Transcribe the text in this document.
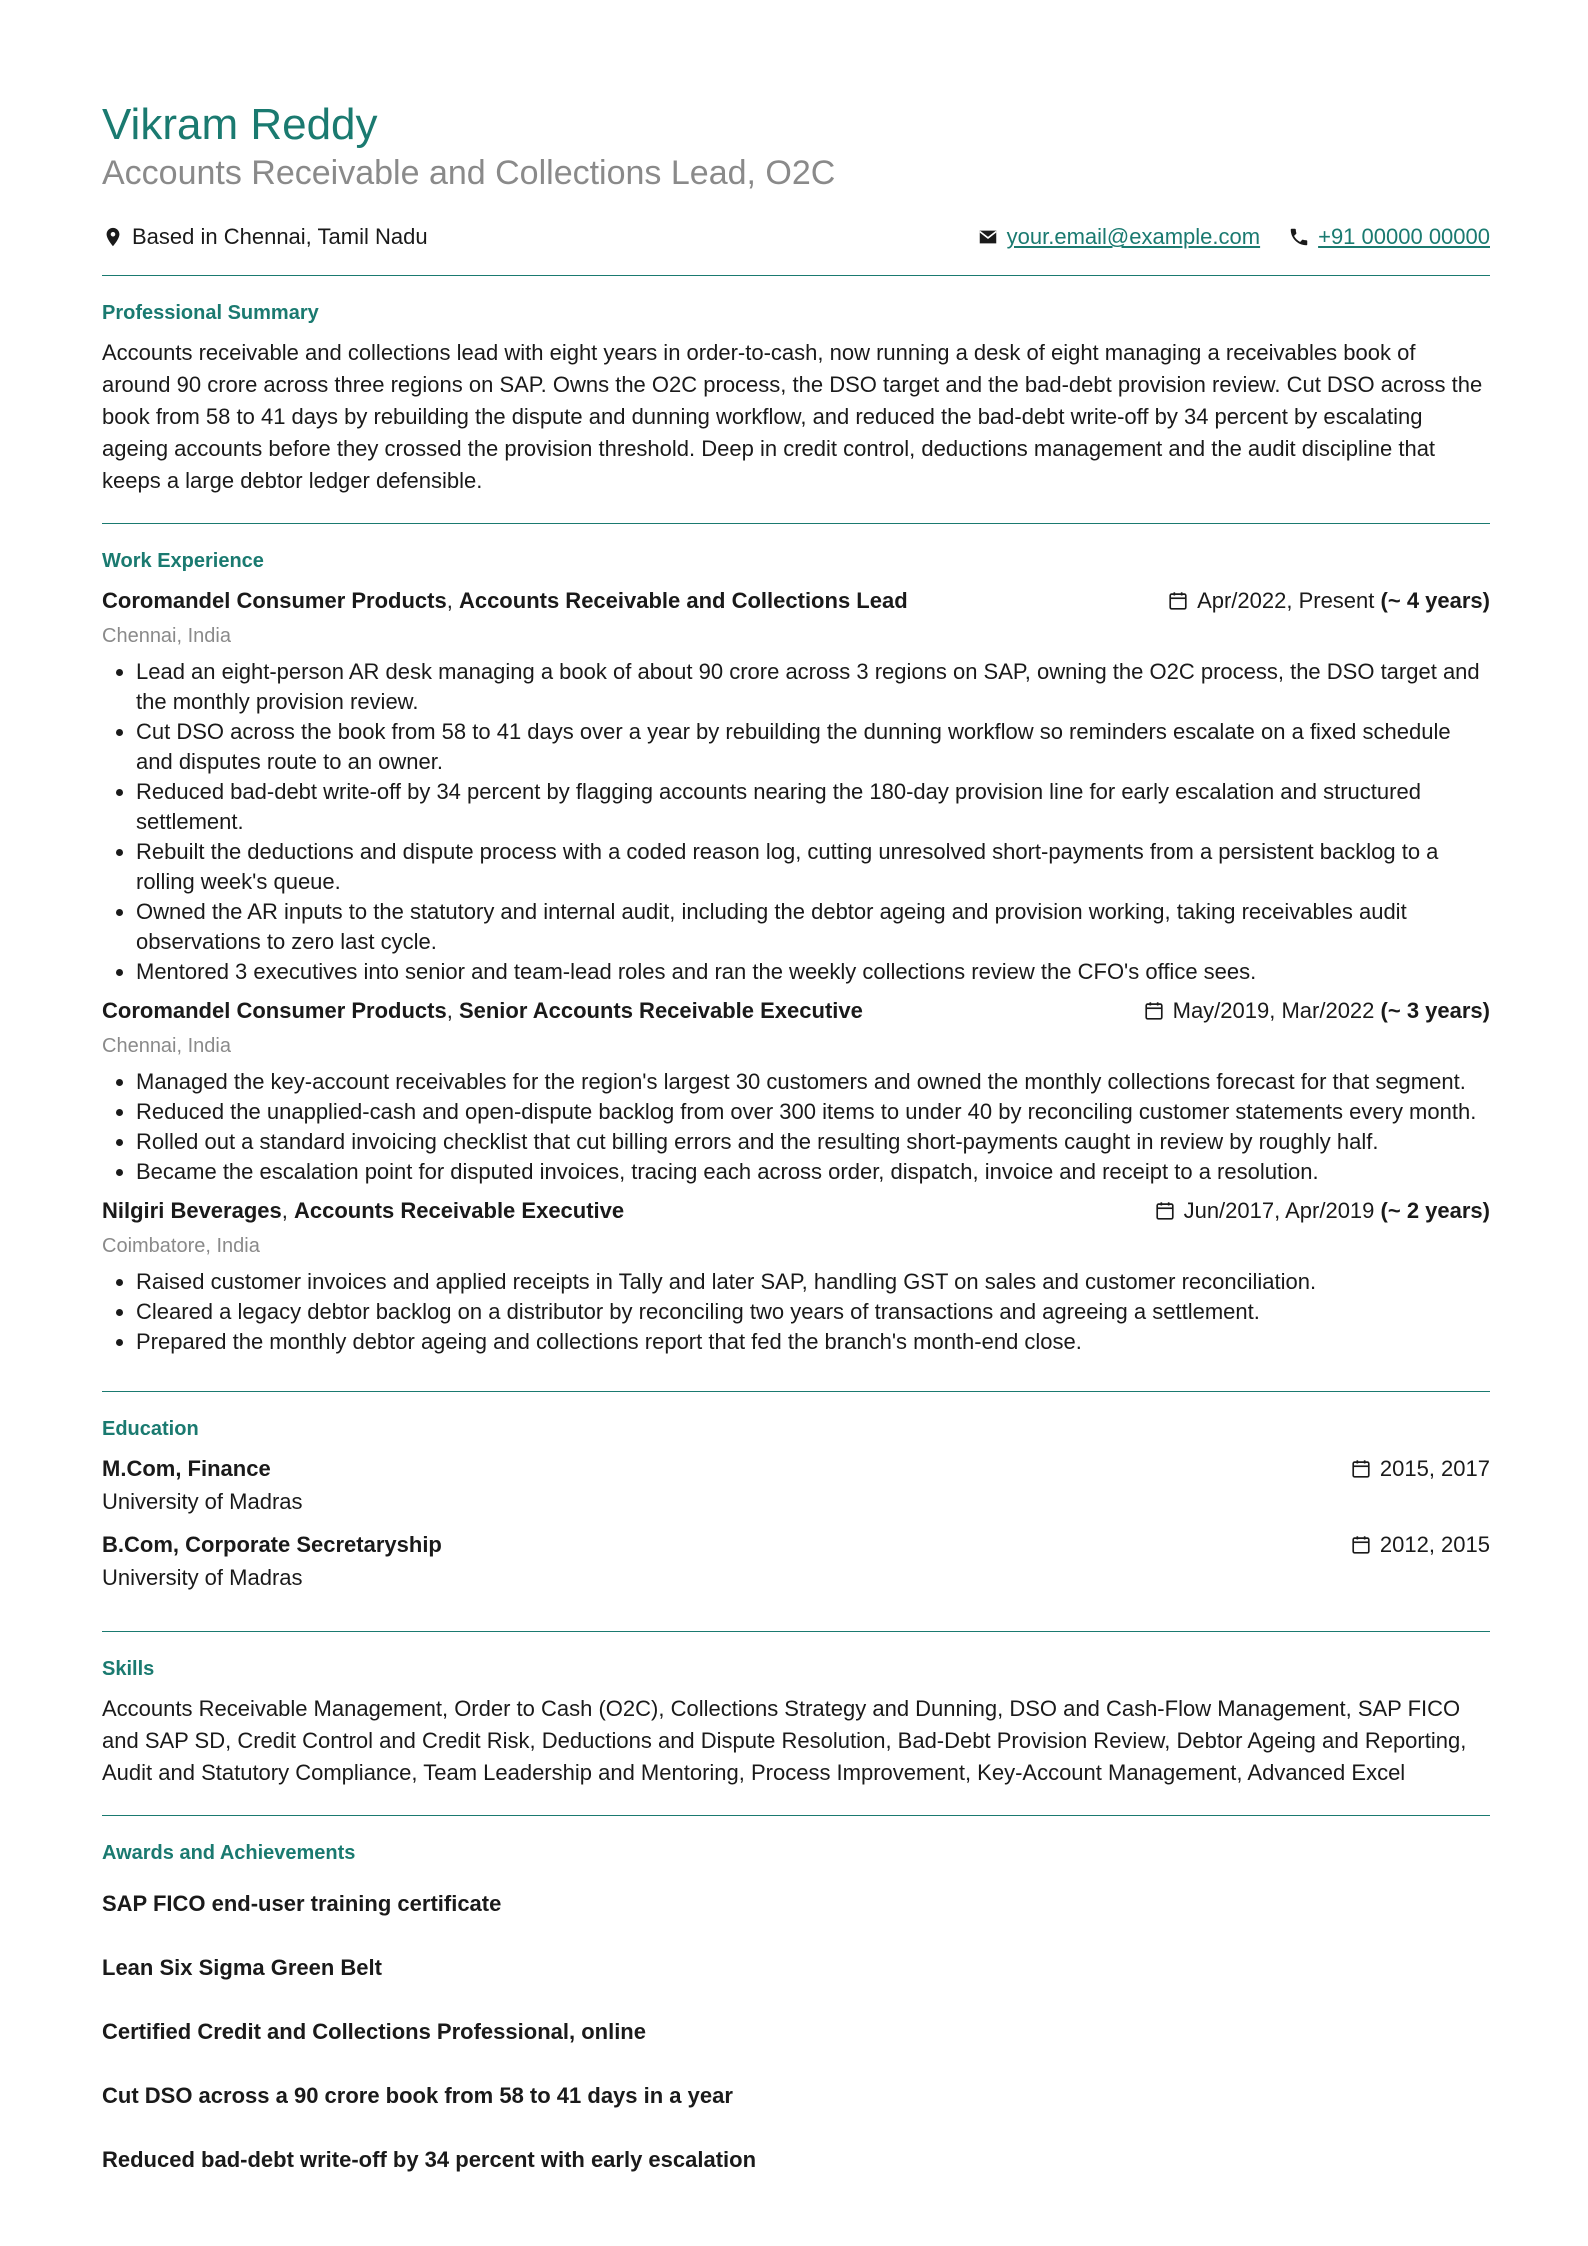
Vikram Reddy
Accounts Receivable and Collections Lead, O2C
Based in Chennai, Tamil Nadu	your.email@example.com	+91 00000 00000
Professional Summary
Accounts receivable and collections lead with eight years in order-to-cash, now running a desk of eight managing a receivables book of around 90 crore across three regions on SAP. Owns the O2C process, the DSO target and the bad-debt provision review. Cut DSO across the book from 58 to 41 days by rebuilding the dispute and dunning workflow, and reduced the bad-debt write-off by 34 percent by escalating ageing accounts before they crossed the provision threshold. Deep in credit control, deductions management and the audit discipline that keeps a large debtor ledger defensible.
Work Experience
Coromandel Consumer Products, Accounts Receivable and Collections Lead	Apr/2022, Present
(~ 4 years)
Chennai, India
• Lead an eight-person AR desk managing a book of about 90 crore across 3 regions on SAP, owning the O2C process, the DSO target and the monthly provision review.
• Cut DSO across the book from 58 to 41 days over a year by rebuilding the dunning workflow so reminders escalate on a fixed schedule and disputes route to an owner.
• Reduced bad-debt write-off by 34 percent by flagging accounts nearing the 180-day provision line for early escalation and structured settlement.
• Rebuilt the deductions and dispute process with a coded reason log, cutting unresolved short-payments from a persistent backlog to a rolling week's queue.
• Owned the AR inputs to the statutory and internal audit, including the debtor ageing and provision working, taking receivables audit observations to zero last cycle.
• Mentored 3 executives into senior and team-lead roles and ran the weekly collections review the CFO's office sees.
Coromandel Consumer Products, Senior Accounts Receivable Executive	May/2019, Mar/2022
(~ 3 years)
Chennai, India
• Managed the key-account receivables for the region's largest 30 customers and owned the monthly collections forecast for that segment.
• Reduced the unapplied-cash and open-dispute backlog from over 300 items to under 40 by reconciling customer statements every month.
• Rolled out a standard invoicing checklist that cut billing errors and the resulting short-payments caught in review by roughly half.
• Became the escalation point for disputed invoices, tracing each across order, dispatch, invoice and receipt to a resolution.
Nilgiri Beverages, Accounts Receivable Executive	Jun/2017, Apr/2019
(~ 2 years)
Coimbatore, India
• Raised customer invoices and applied receipts in Tally and later SAP, handling GST on sales and customer reconciliation.
• Cleared a legacy debtor backlog on a distributor by reconciling two years of transactions and agreeing a settlement.
• Prepared the monthly debtor ageing and collections report that fed the branch's month-end close.
Education
M.Com, Finance	2015, 2017
University of Madras
B.Com, Corporate Secretaryship	2012, 2015
University of Madras
Skills
Accounts Receivable Management, Order to Cash (O2C), Collections Strategy and Dunning, DSO and Cash-Flow Management, SAP FICO and SAP SD, Credit Control and Credit Risk, Deductions and Dispute Resolution, Bad-Debt Provision Review, Debtor Ageing and Reporting, Audit and Statutory Compliance, Team Leadership and Mentoring, Process Improvement, Key-Account Management, Advanced Excel
Awards and Achievements
SAP FICO end-user training certificate
Lean Six Sigma Green Belt
Certified Credit and Collections Professional, online
Cut DSO across a 90 crore book from 58 to 41 days in a year
Reduced bad-debt write-off by 34 percent with early escalation
